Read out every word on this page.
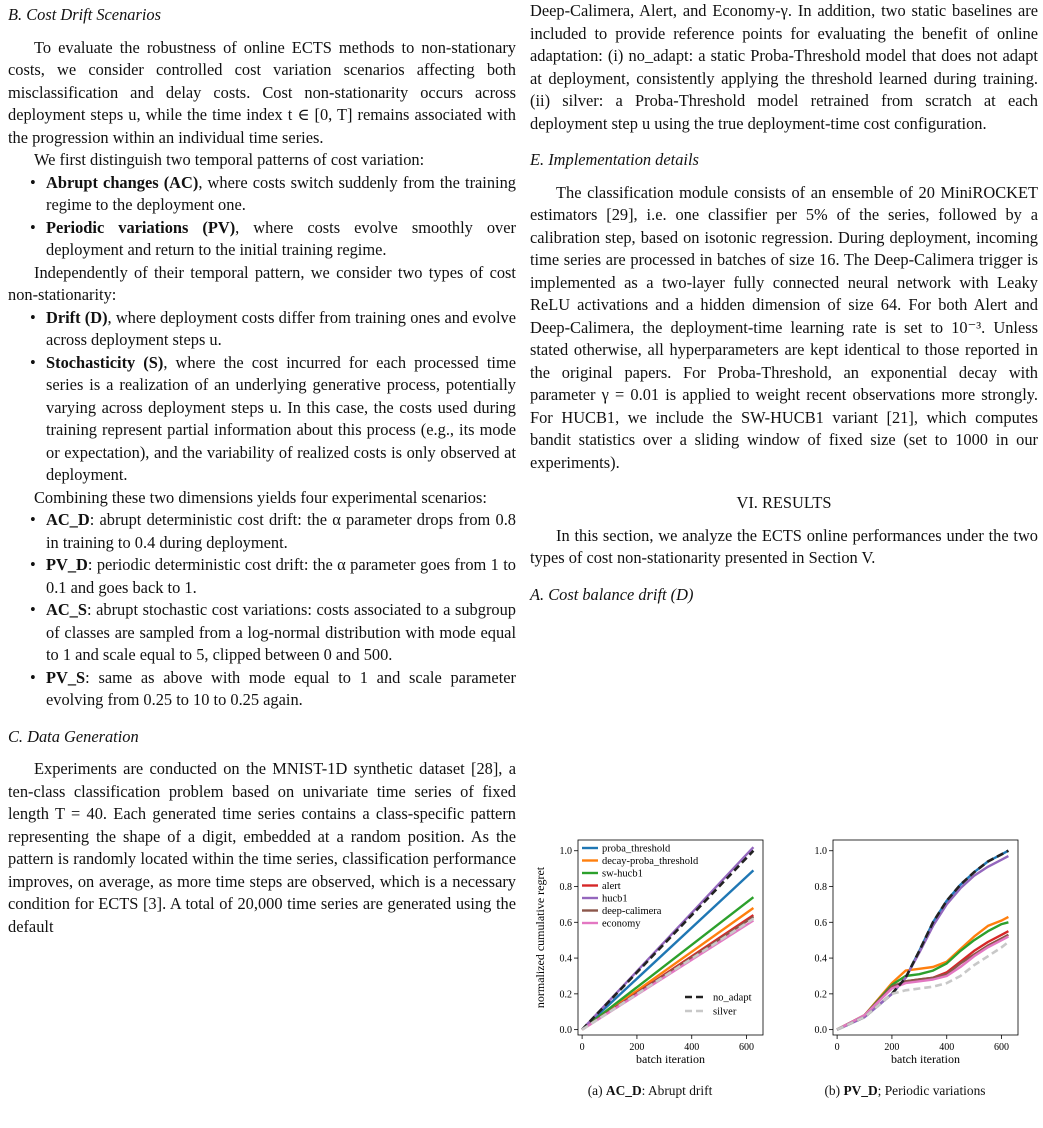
B. Cost Drift Scenarios

To evaluate the robustness of online ECTS methods to non-stationary costs, we consider controlled cost variation scenarios affecting both misclassification and delay costs. Cost non-stationarity occurs across deployment steps u, while the time index t ∈ [0, T] remains associated with the progression within an individual time series.

We first distinguish two temporal patterns of cost variation:

• Abrupt changes (AC), where costs switch suddenly from the training regime to the deployment one.
• Periodic variations (PV), where costs evolve smoothly over deployment and return to the initial training regime.

Independently of their temporal pattern, we consider two types of cost non-stationarity:

• Drift (D), where deployment costs differ from training ones and evolve across deployment steps u.
• Stochasticity (S), where the cost incurred for each processed time series is a realization of an underlying generative process, potentially varying across deployment steps u. In this case, the costs used during training represent partial information about this process (e.g., its mode or expectation), and the variability of realized costs is only observed at deployment.

Combining these two dimensions yields four experimental scenarios:

• AC_D: abrupt deterministic cost drift: the α parameter drops from 0.8 in training to 0.4 during deployment.
• PV_D: periodic deterministic cost drift: the α parameter goes from 1 to 0.1 and goes back to 1.
• AC_S: abrupt stochastic cost variations: costs associated to a subgroup of classes are sampled from a log-normal distribution with mode equal to 1 and scale equal to 5, clipped between 0 and 500.
• PV_S: same as above with mode equal to 1 and scale parameter evolving from 0.25 to 10 to 0.25 again.
C. Data Generation

Experiments are conducted on the MNIST-1D synthetic dataset [28], a ten-class classification problem based on univariate time series of fixed length T = 40. Each generated time series contains a class-specific pattern representing the shape of a digit, embedded at a random position. As the pattern is randomly located within the time series, classification performance improves, on average, as more time steps are observed, which is a necessary condition for ECTS [3]. A total of 20,000 time series are generated using the default

Deep-Calimera, Alert, and Economy-γ. In addition, two static baselines are included to provide reference points for evaluating the benefit of online adaptation: (i) no_adapt: a static Proba-Threshold model that does not adapt at deployment, consistently applying the threshold learned during training. (ii) silver: a Proba-Threshold model retrained from scratch at each deployment step u using the true deployment-time cost configuration.

E. Implementation details

The classification module consists of an ensemble of 20 MiniROCKET estimators [29], i.e. one classifier per 5% of the series, followed by a calibration step, based on isotonic regression. During deployment, incoming time series are processed in batches of size 16. The Deep-Calimera trigger is implemented as a two-layer fully connected neural network with Leaky ReLU activations and a hidden dimension of size 64. For both Alert and Deep-Calimera, the deployment-time learning rate is set to 10⁻³. Unless stated otherwise, all hyperparameters are kept identical to those reported in the original papers. For Proba-Threshold, an exponential decay with parameter γ = 0.01 is applied to weight recent observations more strongly. For HUCB1, we include the SW-HUCB1 variant [21], which computes bandit statistics over a sliding window of fixed size (set to 1000 in our experiments).

VI. RESULTS

In this section, we analyze the ECTS online performances under the two types of cost non-stationarity presented in Section V.

A. Cost balance drift (D)
0	200	400	600
0.0
0.2
0.4
0.6
0.8
1.0
batch iteration
normalized cumulative regret
proba_threshold
decay-proba_threshold
sw-hucb1
alert
hucb1
deep-calimera
economy
no_adapt
silver
0	200	400	600
0.0
0.2
0.4
0.6
0.8
1.0
batch iteration
(a) AC_D: Abrupt drift	(b) PV_D; Periodic variations
